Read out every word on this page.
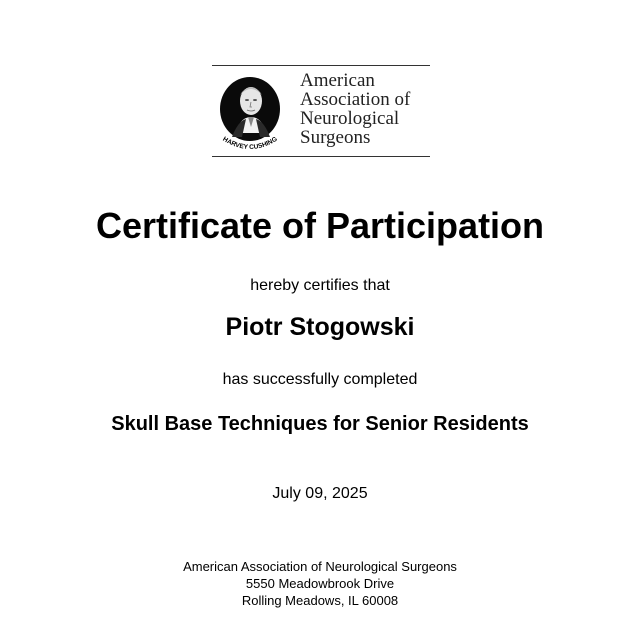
HARVEY CUSHING
American
Association of
Neurological
Surgeons
Certificate of Participation
hereby certifies that
Piotr Stogowski
has successfully completed
Skull Base Techniques for Senior Residents
July 09, 2025
American Association of Neurological Surgeons
5550 Meadowbrook Drive
Rolling Meadows, IL 60008
